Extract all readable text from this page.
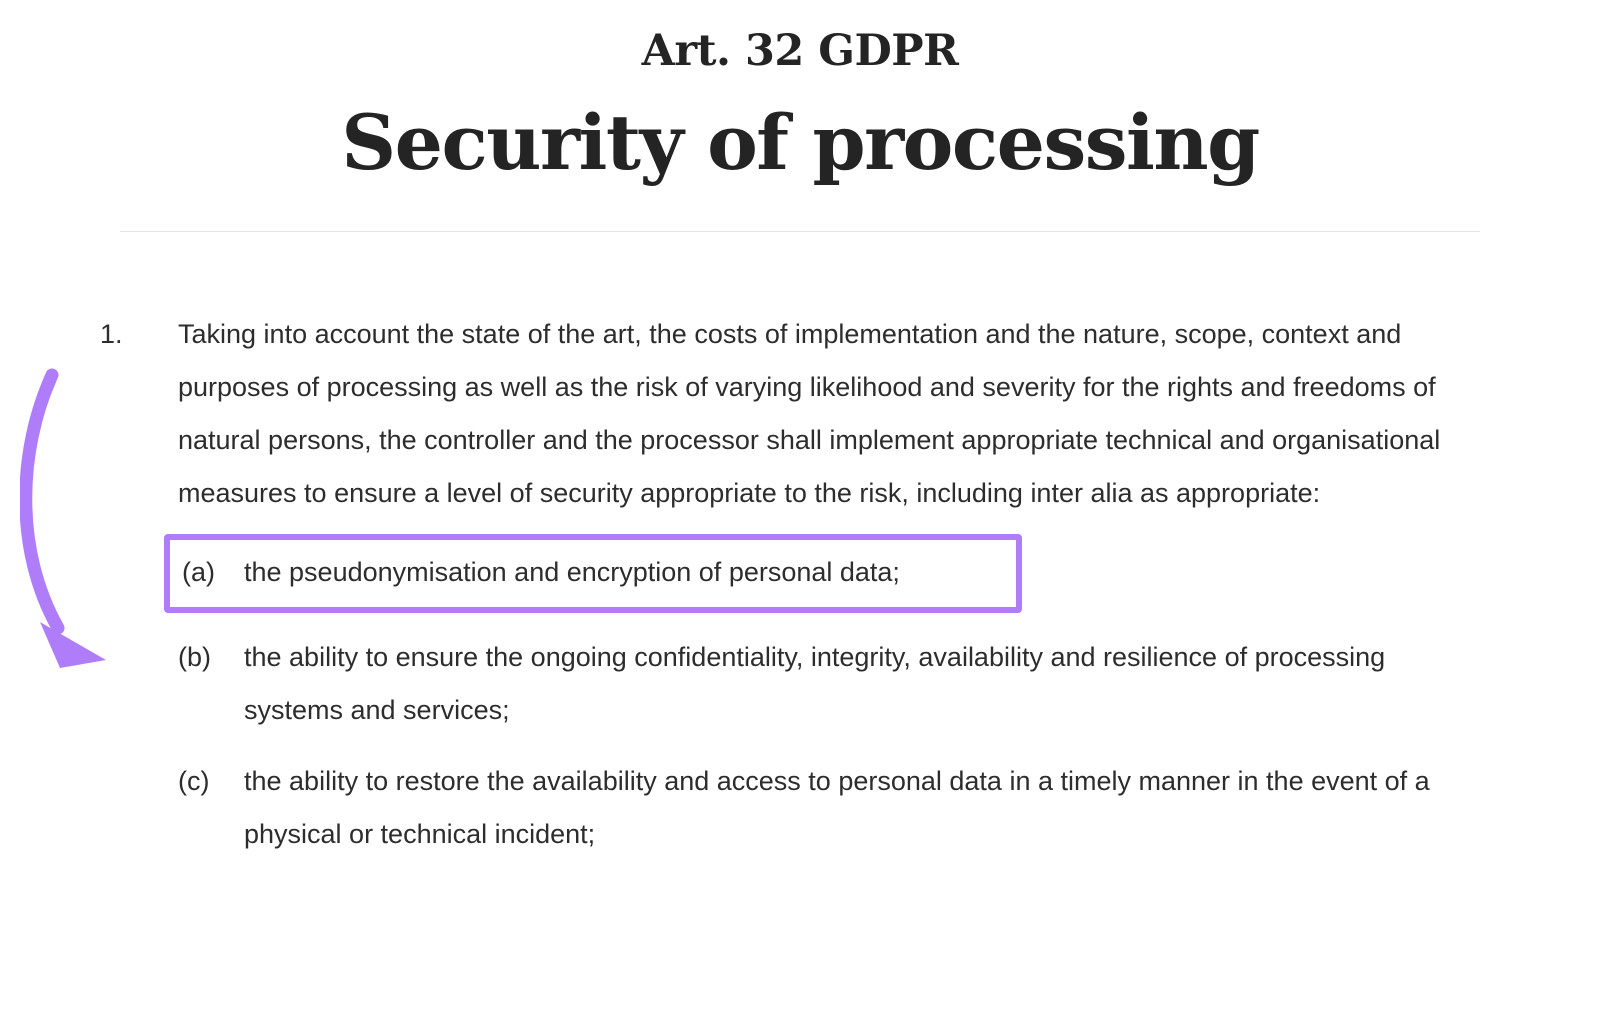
Art. 32 GDPR
Security of processing
1.	Taking into account the state of the art, the costs of implementation and the nature, scope, context and purposes of processing as well as the risk of varying likelihood and severity for the rights and freedoms of natural persons, the controller and the processor shall implement appropriate technical and organisational measures to ensure a level of security appropriate to the risk, including inter alia as appropriate:
(a)	the pseudonymisation and encryption of personal data;
(b)	the ability to ensure the ongoing confidentiality, integrity, availability and resilience of processing systems and services;
(c)	the ability to restore the availability and access to personal data in a timely manner in the event of a physical or technical incident;
